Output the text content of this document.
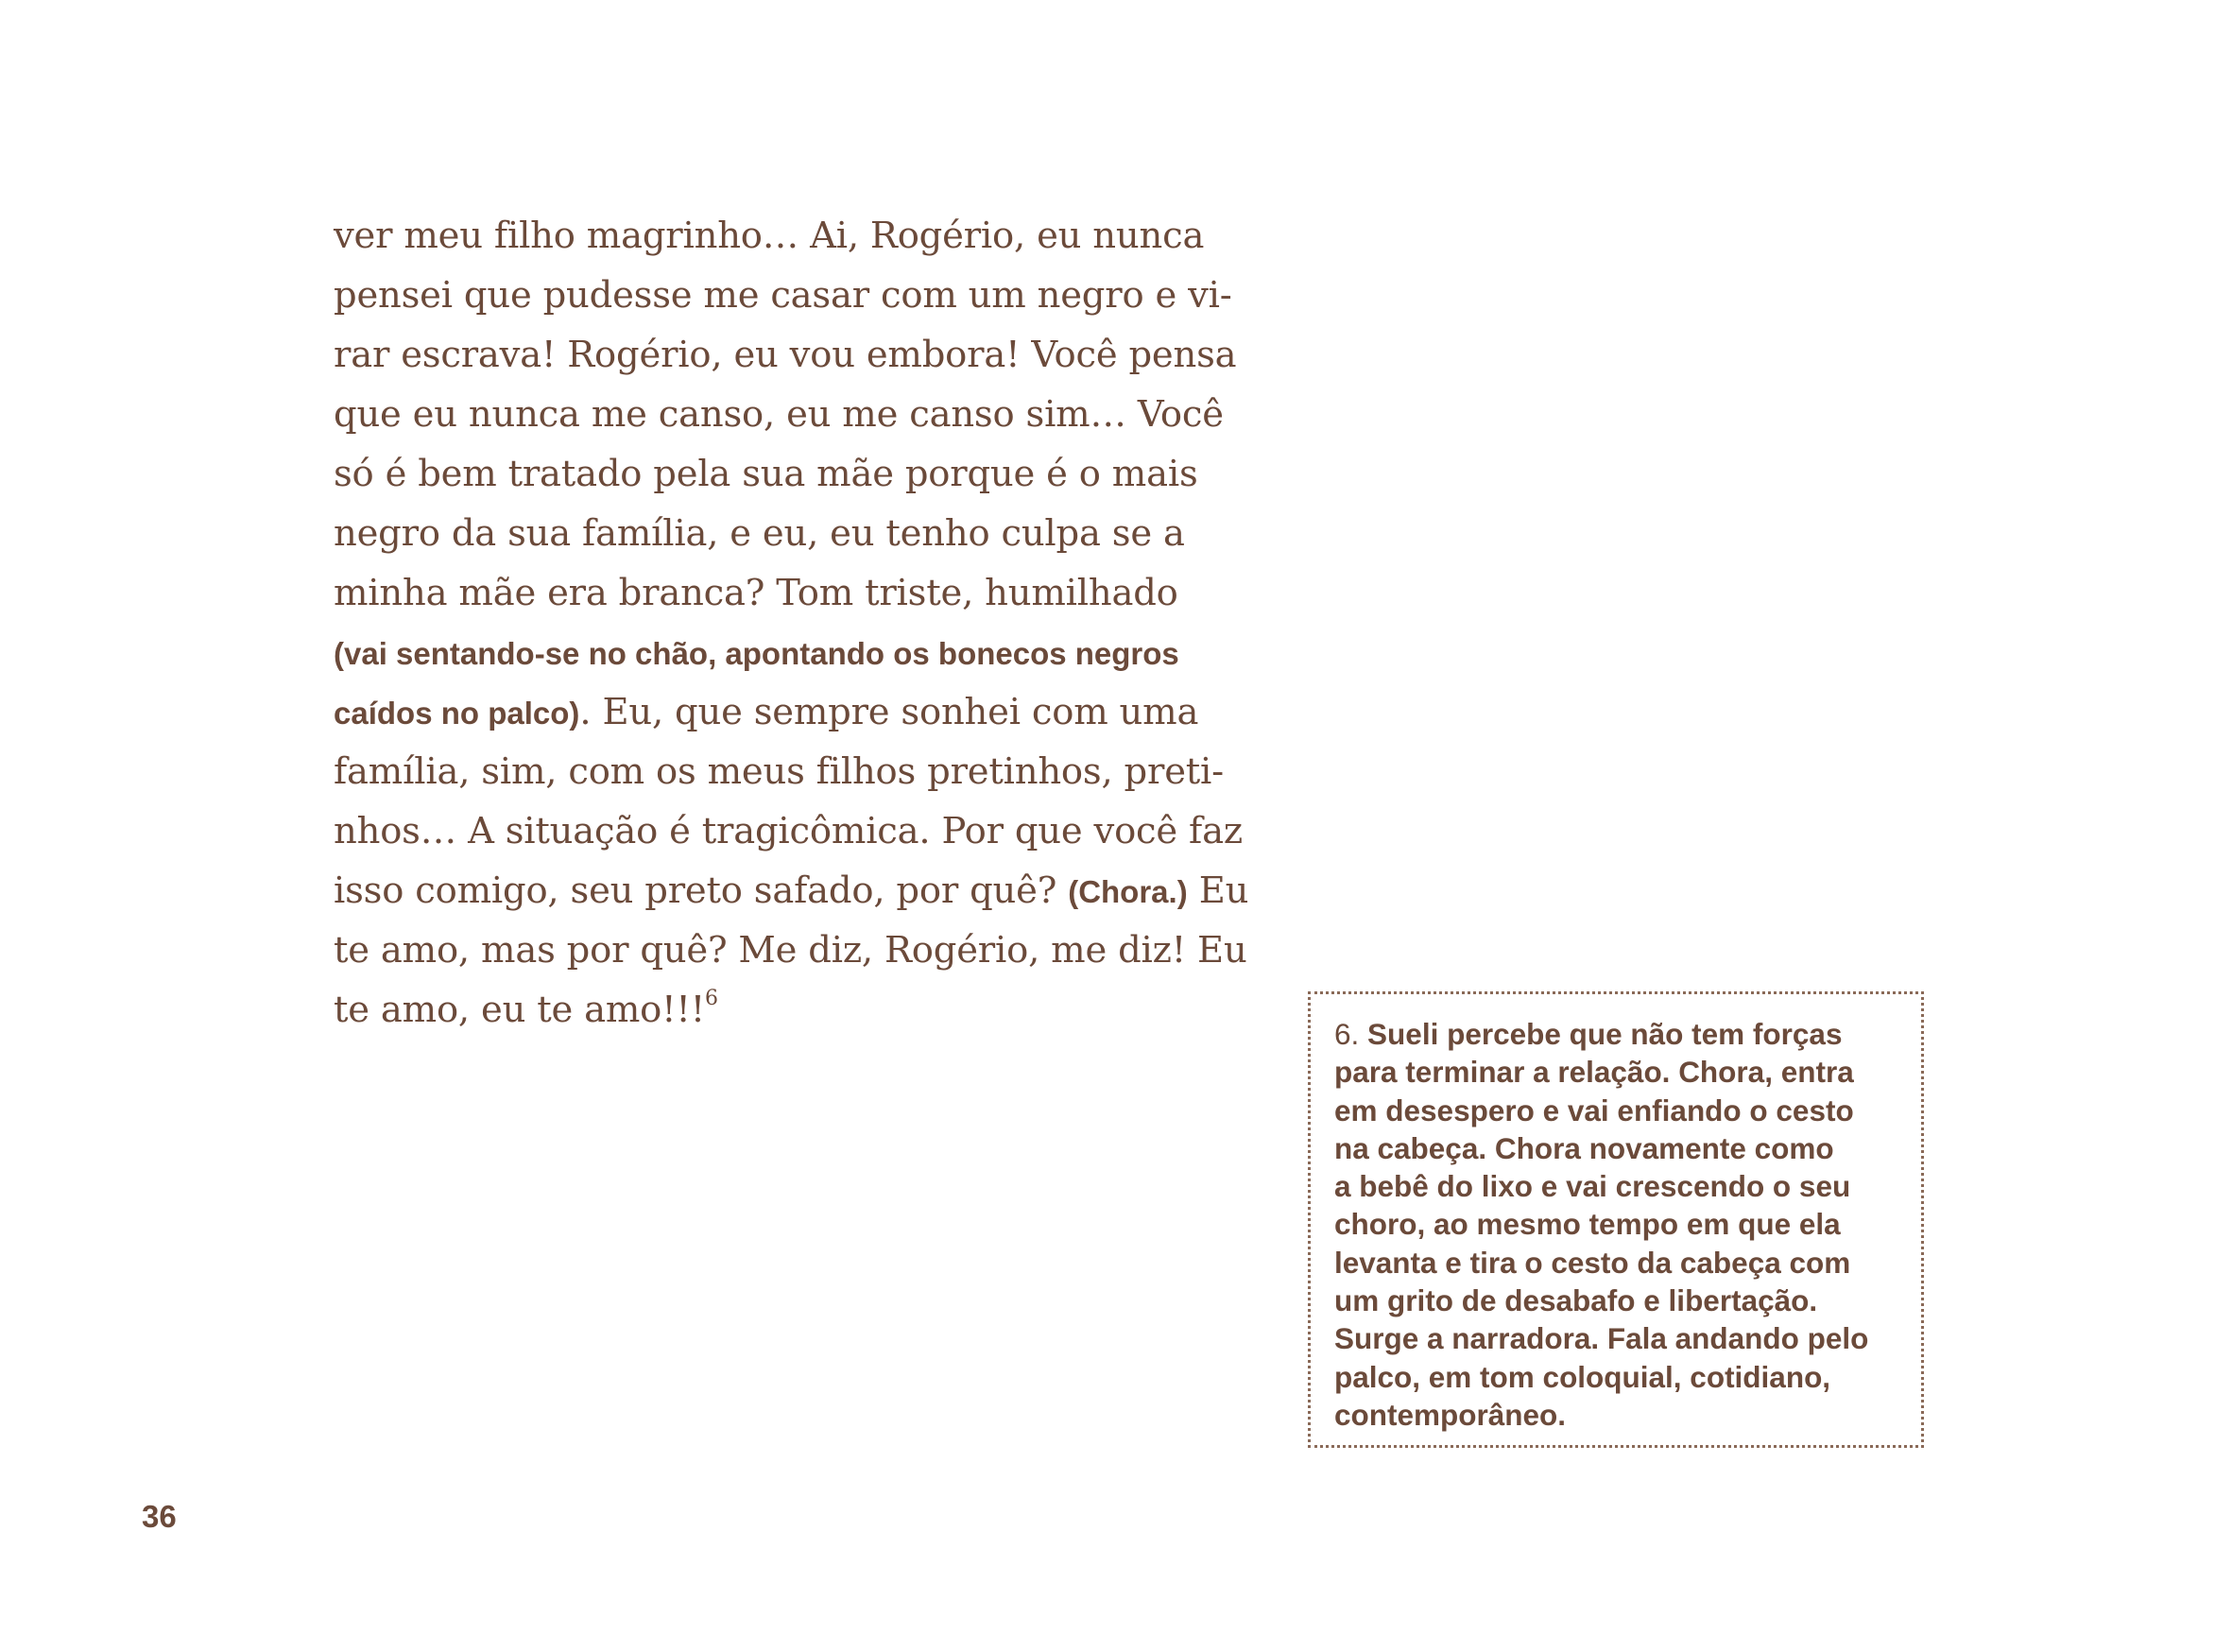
ver meu filho magrinho… Ai, Rogério, eu nunca
pensei que pudesse me casar com um negro e vi-
rar escrava! Rogério, eu vou embora! Você pensa
que eu nunca me canso, eu me canso sim… Você
só é bem tratado pela sua mãe porque é o mais
negro da sua família, e eu, eu tenho culpa se a
minha mãe era branca? Tom triste, humilhado
(vai sentando-se no chão, apontando os bonecos negros
caídos no palco). Eu, que sempre sonhei com uma
família, sim, com os meus filhos pretinhos, preti-
nhos… A situação é tragicômica. Por que você faz
isso comigo, seu preto safado, por quê? (Chora.) Eu
te amo, mas por quê? Me diz, Rogério, me diz! Eu
te amo, eu te amo!!!$^6$
6. Sueli percebe que não tem forças
para terminar a relação. Chora, entra
em desespero e vai enfiando o cesto
na cabeça. Chora novamente como
a bebê do lixo e vai crescendo o seu
choro, ao mesmo tempo em que ela
levanta e tira o cesto da cabeça com
um grito de desabafo e libertação.
Surge a narradora. Fala andando pelo
palco, em tom coloquial, cotidiano,
contemporâneo.
36
